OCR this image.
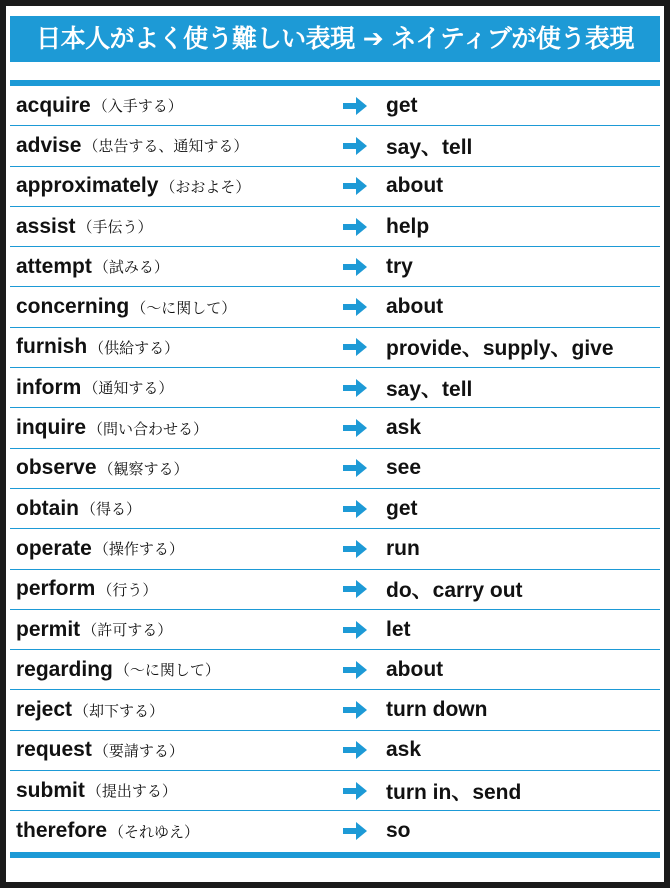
日本人がよく使う難しい表現 ➔ ネイティブが使う表現
acquire （入手する）	get
advise （忠告する、通知する）	say、tell
approximately （おおよそ）	about
assist （手伝う）	help
attempt （試みる）	try
concerning （〜に関して）	about
furnish （供給する）	provide、supply、give
inform （通知する）	say、tell
inquire （問い合わせる）	ask
observe （観察する）	see
obtain （得る）	get
operate （操作する）	run
perform （行う）	do、carry out
permit （許可する）	let
regarding （〜に関して）	about
reject （却下する）	turn down
request （要請する）	ask
submit （提出する）	turn in、send
therefore （それゆえ）	so
